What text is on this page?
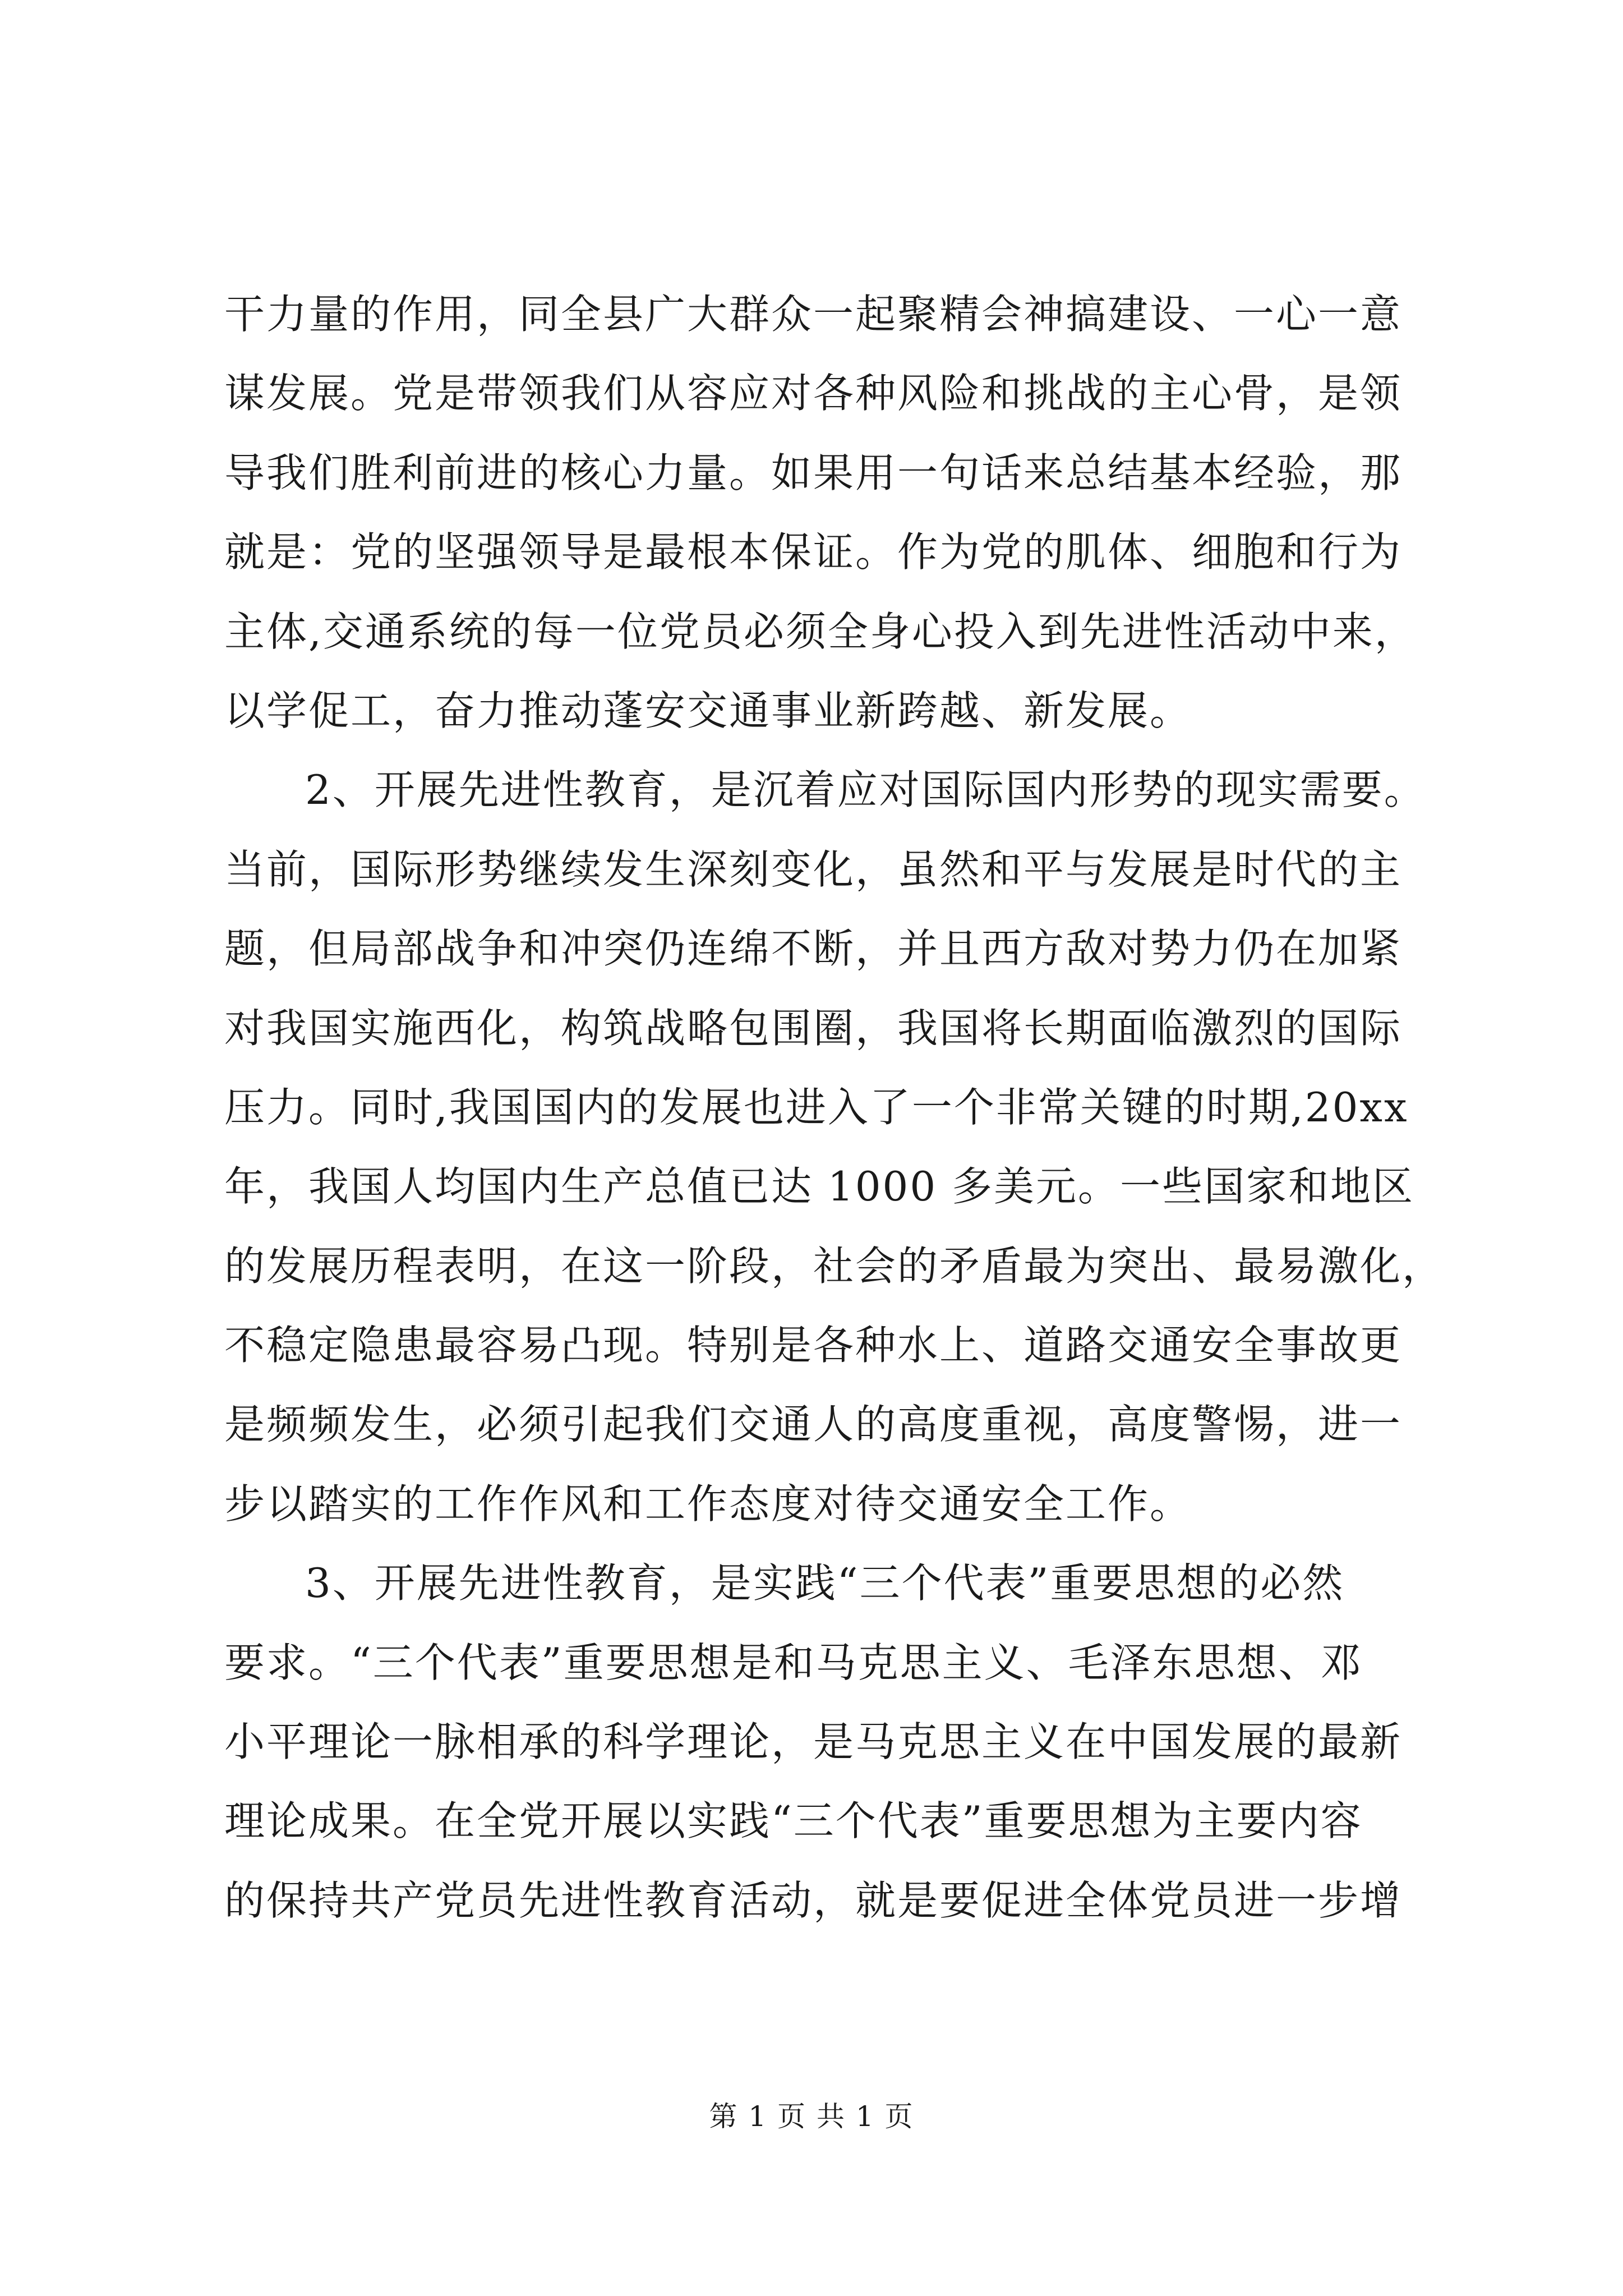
干力量的作用，同全县广大群众一起聚精会神搞建设、一心一意
谋发展。党是带领我们从容应对各种风险和挑战的主心骨，是领
导我们胜利前进的核心力量。如果用一句话来总结基本经验，那
就是：党的坚强领导是最根本保证。作为党的肌体、细胞和行为
主体,交通系统的每一位党员必须全身心投入到先进性活动中来，
以学促工，奋力推动蓬安交通事业新跨越、新发展。
2、开展先进性教育，是沉着应对国际国内形势的现实需要。
当前，国际形势继续发生深刻变化，虽然和平与发展是时代的主
题，但局部战争和冲突仍连绵不断，并且西方敌对势力仍在加紧
对我国实施西化，构筑战略包围圈，我国将长期面临激烈的国际
压力。同时,我国国内的发展也进入了一个非常关键的时期,20xx
年，我国人均国内生产总值已达 1000 多美元。一些国家和地区
的发展历程表明，在这一阶段，社会的矛盾最为突出、最易激化，
不稳定隐患最容易凸现。特别是各种水上、道路交通安全事故更
是频频发生，必须引起我们交通人的高度重视，高度警惕，进一
步以踏实的工作作风和工作态度对待交通安全工作。
3、开展先进性教育，是实践“三个代表”重要思想的必然
要求。“三个代表”重要思想是和马克思主义、毛泽东思想、邓
小平理论一脉相承的科学理论，是马克思主义在中国发展的最新
理论成果。在全党开展以实践“三个代表”重要思想为主要内容
的保持共产党员先进性教育活动，就是要促进全体党员进一步增
第 1 页 共 1 页
